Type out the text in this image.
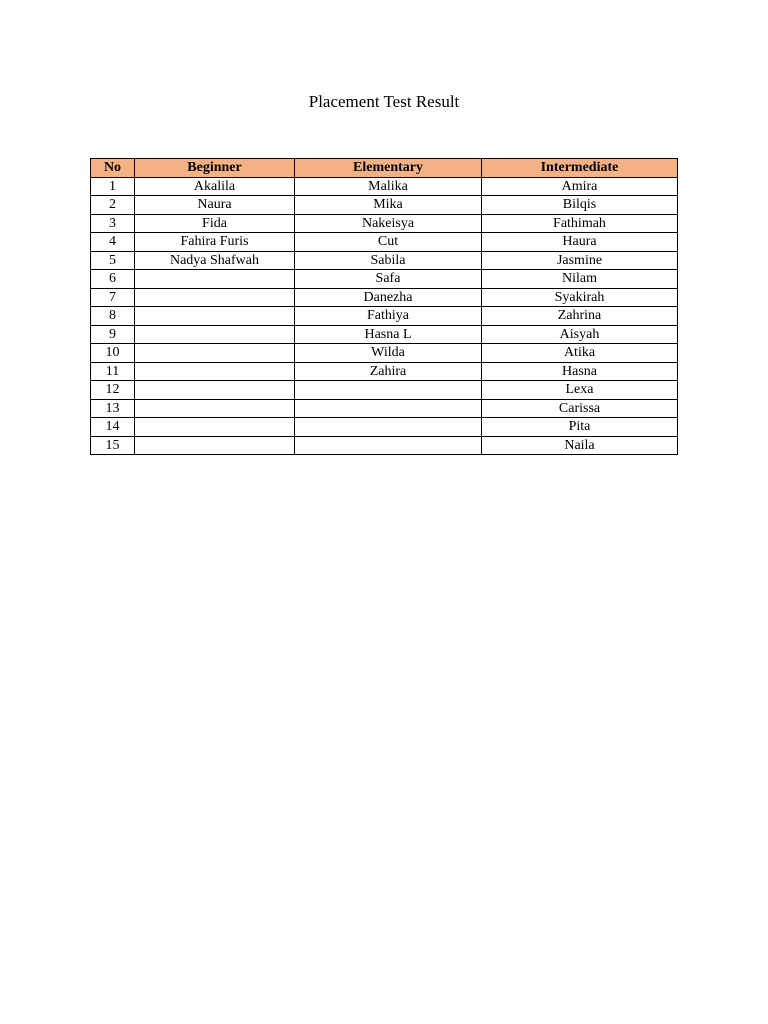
Placement Test Result
No	Beginner	Elementary	Intermediate
1	Akalila	Malika	Amira
2	Naura	Mika	Bilqis
3	Fida	Nakeisya	Fathimah
4	Fahira Furis	Cut	Haura
5	Nadya Shafwah	Sabila	Jasmine
6		Safa	Nilam
7		Danezha	Syakirah
8		Fathiya	Zahrina
9		Hasna L	Aisyah
10		Wilda	Atika
11		Zahira	Hasna
12			Lexa
13			Carissa
14			Pita
15			Naila
